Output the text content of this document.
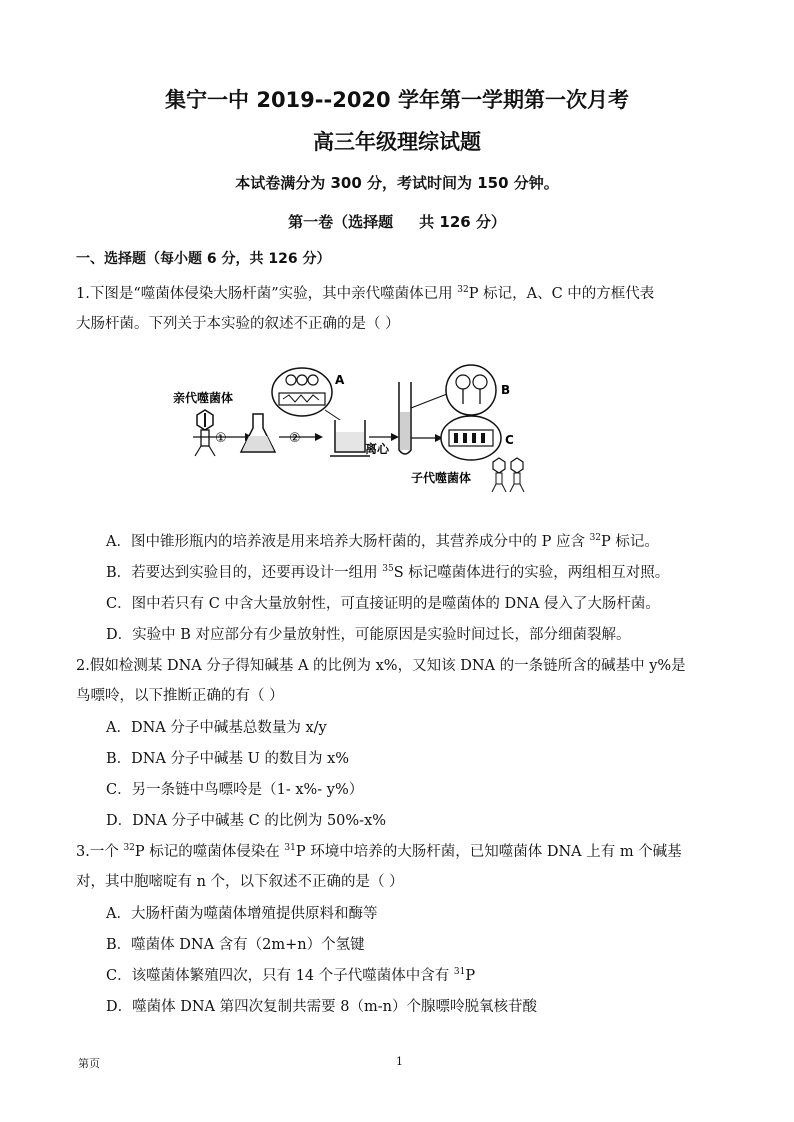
集宁一中 2019--2020 学年第一学期第一次月考
高三年级理综试题
本试卷满分为 300 分，考试时间为 150 分钟。
第一卷（选择题     共 126 分）
一、选择题（每小题 6 分，共 126 分）
1.下图是“噬菌体侵染大肠杆菌”实验，其中亲代噬菌体已用 $^{32}$P 标记，A、C 中的方框代表
大肠杆菌。下列关于本实验的叙述不正确的是（ ）
亲代噬菌体
①	②
A
离心
B
C
子代噬菌体
A．图中锥形瓶内的培养液是用来培养大肠杆菌的，其营养成分中的 P 应含 $^{32}$P 标记。
B．若要达到实验目的，还要再设计一组用 $^{35}$S 标记噬菌体进行的实验，两组相互对照。
C．图中若只有 C 中含大量放射性，可直接证明的是噬菌体的 DNA 侵入了大肠杆菌。
D．实验中 B 对应部分有少量放射性，可能原因是实验时间过长，部分细菌裂解。
2.假如检测某 DNA 分子得知碱基 A 的比例为 x%，又知该 DNA 的一条链所含的碱基中 y%是
鸟嘌呤，以下推断正确的有（ ）
A．DNA 分子中碱基总数量为 x/y
B．DNA 分子中碱基 U 的数目为 x%
C．另一条链中鸟嘌呤是（1- x%- y%）
D．DNA 分子中碱基 C 的比例为 50%-x%
3.一个 $^{32}$P 标记的噬菌体侵染在 $^{31}$P 环境中培养的大肠杆菌，已知噬菌体 DNA 上有 m 个碱基
对，其中胞嘧啶有 n 个，以下叙述不正确的是（ ）
A．大肠杆菌为噬菌体增殖提供原料和酶等
B．噬菌体 DNA 含有（2m+n）个氢键
C．该噬菌体繁殖四次，只有 14 个子代噬菌体中含有 $^{31}$P
D．噬菌体 DNA 第四次复制共需要 8（m-n）个腺嘌呤脱氧核苷酸
第页	1
